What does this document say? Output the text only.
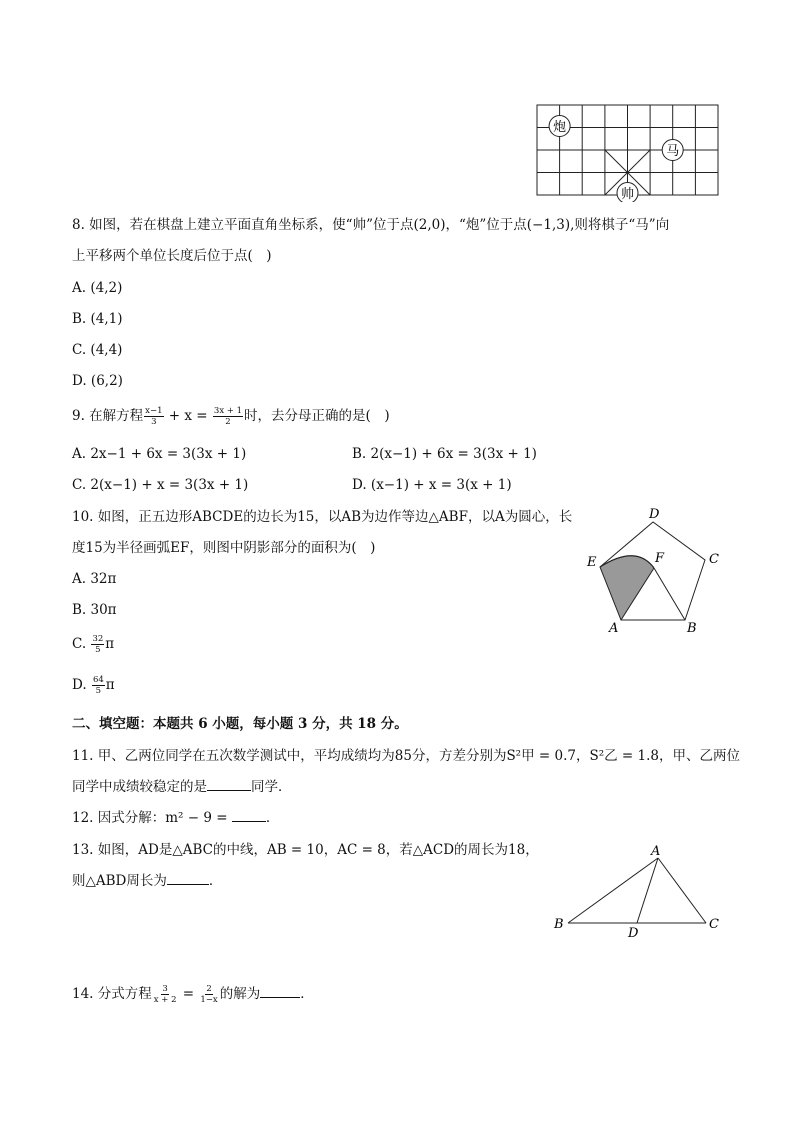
炮
马
帅
8. 如图，若在棋盘上建立平面直角坐标系，使“帅”位于点(2,0)，“炮”位于点(−1,3),则将棋子“马”向
上平移两个单位长度后位于点(　)
A. (4,2)
B. (4,1)
C. (4,4)
D. (6,2)
9. 在解方程 $\frac{x-1}{3} + x = \frac{3x + 1}{2}$ 时，去分母正确的是(　)
A. 2x−1 + 6x = 3(3x + 1)	B. 2(x−1) + 6x = 3(3x + 1)
C. 2(x−1) + x = 3(3x + 1)	D. (x−1) + x = 3(x + 1)
10. 如图，正五边形ABCDE的边长为15，以AB为边作等边△ABF，以A为圆心，长
度15为半径画弧EF，则图中阴影部分的面积为(　)
A. 32π
B. 30π
C. $\frac{32}{5}$ π
D. $\frac{64}{5}$ π
A	B
C
D
E	F
二、填空题：本题共 6 小题，每小题 3 分，共 18 分。
11. 甲、乙两位同学在五次数学测试中，平均成绩均为85分，方差分别为S²甲 = 0.7，S²乙 = 1.8，甲、乙两位
同学中成绩较稳定的是	同学．
12. 因式分解：m² − 9 =	．
13. 如图，AD是△ABC的中线，AB = 10，AC = 8，若△ACD的周长为18，
则△ABD周长为	．
A
B	C
D
14. 分式方程 $\frac{3}{x + 2} = \frac{2}{1-x}$ 的解为	．
